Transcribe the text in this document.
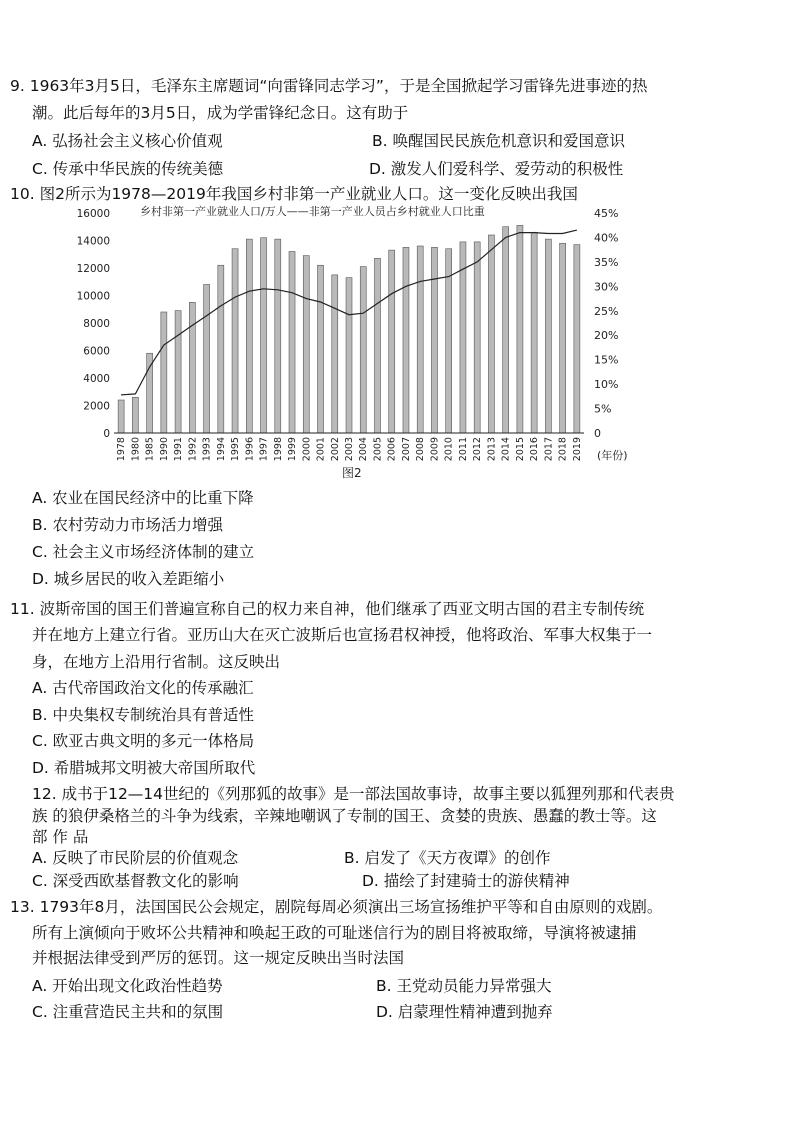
9. 1963年3月5日，毛泽东主席题词“向雷锋同志学习”，于是全国掀起学习雷锋先进事迹的热
潮。此后每年的3月5日，成为学雷锋纪念日。这有助于
A. 弘扬社会主义核心价值观	B. 唤醒国民民族危机意识和爱国意识
C. 传承中华民族的传统美德	D. 激发人们爱科学、爱劳动的积极性
10. 图2所示为1978—2019年我国乡村非第一产业就业人口。这一变化反映出我国
乡村非第一产业就业人口/万人——非第一产业人员占乡村就业人口比重
16000
14000
12000
10000
8000
6000
4000
2000
0
45%
40%
35%
30%
25%
20%
15%
10%
5%
0
1978 1980 1985 1990 1991 1992 1993 1994 1995 1996 1997 1998 1999 2000 2001 2002 2003 2004 2005 2006 2007 2008 2009 2010 2011 2012 2013 2014 2015 2016 2017 2018 2019 (年份)
图2
A. 农业在国民经济中的比重下降
B. 农村劳动力市场活力增强
C. 社会主义市场经济体制的建立
D. 城乡居民的收入差距缩小
11. 波斯帝国的国王们普遍宣称自己的权力来自神，他们继承了西亚文明古国的君主专制传统
并在地方上建立行省。亚历山大在灭亡波斯后也宣扬君权神授，他将政治、军事大权集于一
身，在地方上沿用行省制。这反映出
A. 古代帝国政治文化的传承融汇
B. 中央集权专制统治具有普适性
C. 欧亚古典文明的多元一体格局
D. 希腊城邦文明被大帝国所取代
12. 成书于12—14世纪的《列那狐的故事》是一部法国故事诗，故事主要以狐狸列那和代表贵
族 的狼伊桑格兰的斗争为线索，辛辣地嘲讽了专制的国王、贪婪的贵族、愚蠢的教士等。这
部 作 品
A. 反映了市民阶层的价值观念	B. 启发了《天方夜谭》的创作
C. 深受西欧基督教文化的影响	D. 描绘了封建骑士的游侠精神
13. 1793年8月，法国国民公会规定，剧院每周必须演出三场宣扬维护平等和自由原则的戏剧。
所有上演倾向于败坏公共精神和唤起王政的可耻迷信行为的剧目将被取缔，导演将被逮捕
并根据法律受到严厉的惩罚。这一规定反映出当时法国
A. 开始出现文化政治性趋势	B. 王党动员能力异常强大
C. 注重营造民主共和的氛围	D. 启蒙理性精神遭到抛弃
